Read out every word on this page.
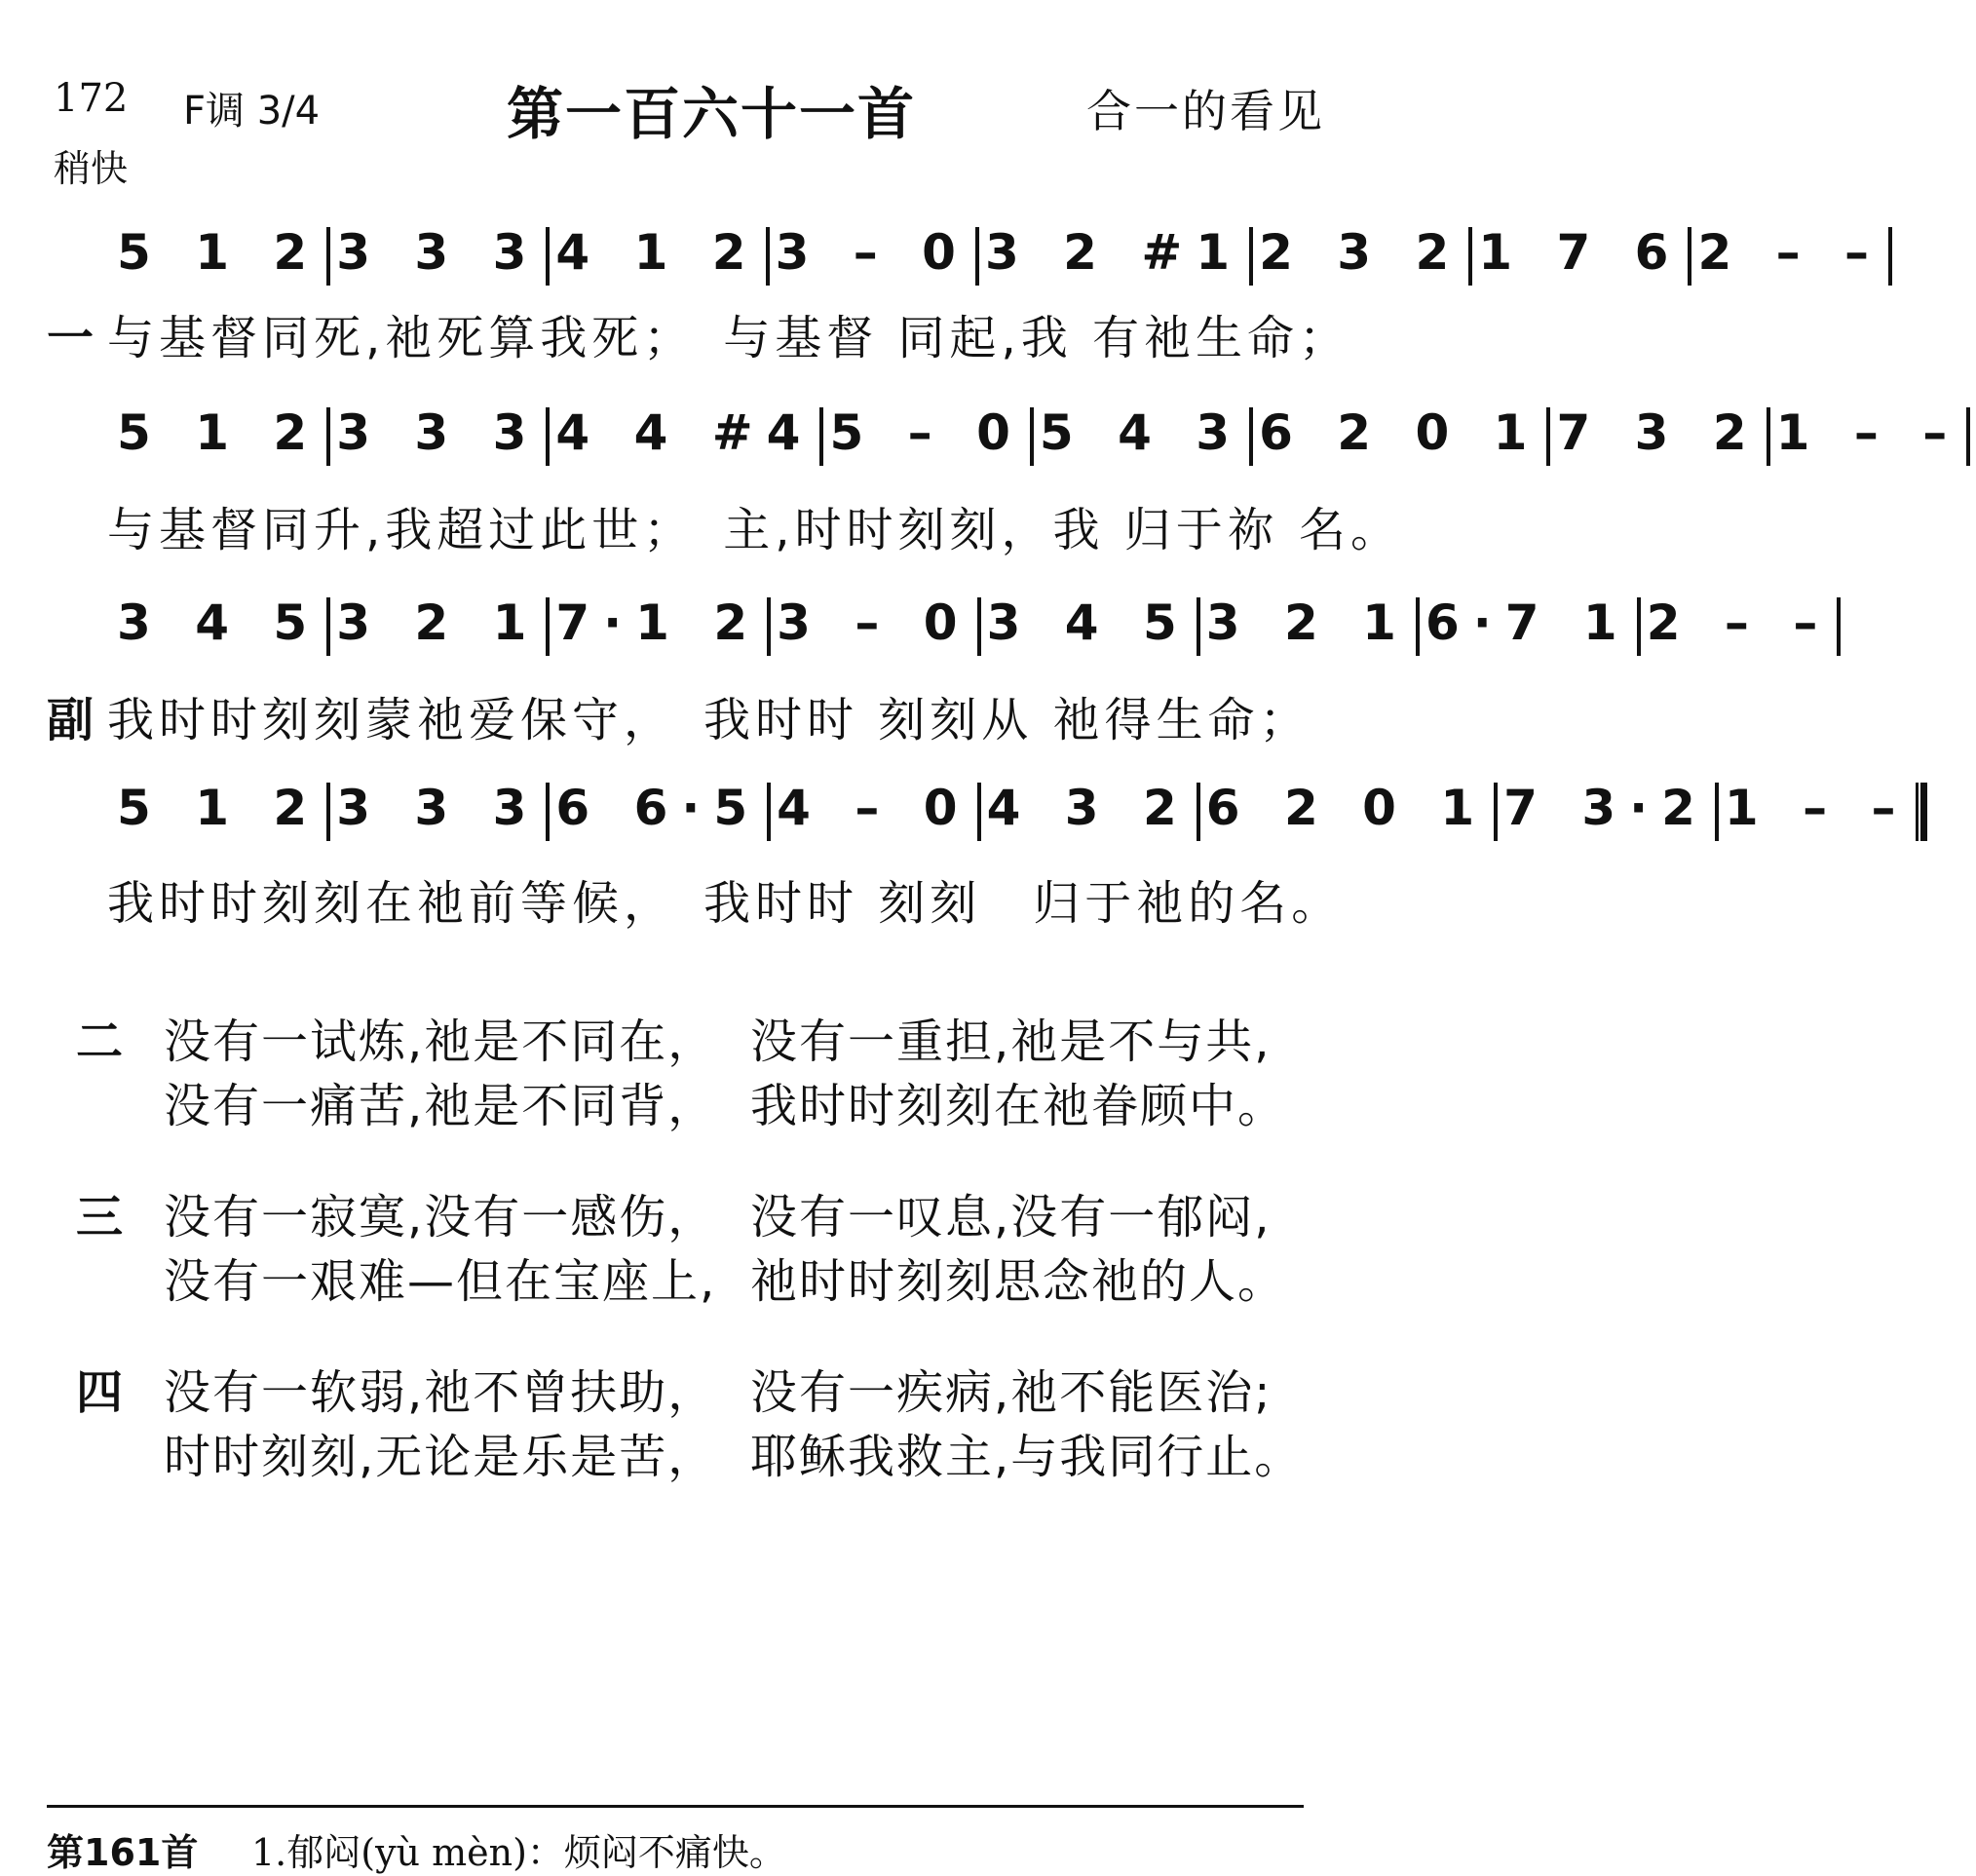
172 F调 3/4
稍快
第一百六十一首	合一的看见
5 1 2 3 3 3 4 1 2 3 – 0 3 2 #1 2 3 2 1 7 6 2 – –
一 与基督同死,祂死算我死；　与基督 同起,我 有祂生命；
5 1 2 3 3 3 4 4 #4 5 – 0 5 4 3 6 2 0 1 7 3 2 1 – –
与基督同升,我超过此世；　主,时时刻刻，我 归于祢 名。
3 4 5 3 2 1 7·1 2 3 – 0 3 4 5 3 2 1 6·7 1 2 – –
副 我时时刻刻蒙祂爱保守，　我时时 刻刻从 祂得生命；
5 1 2 3 3 3 6 6·5 4 – 0 4 3 2 6 2 0 1 7 3·2 1 – –
我时时刻刻在祂前等候，　我时时 刻刻　归于祂的名。
二 没有一试炼,祂是不同在， 没有一重担,祂是不与共,
没有一痛苦,祂是不同背， 我时时刻刻在祂眷顾中。
三 没有一寂寞,没有一感伤， 没有一叹息,没有一郁闷,
没有一艰难—但在宝座上, 祂时时刻刻思念祂的人。
四 没有一软弱,祂不曾扶助， 没有一疾病,祂不能医治;
时时刻刻,无论是乐是苦， 耶稣我救主,与我同行止。
第161首 1.郁闷(yù mèn)：烦闷不痛快。
